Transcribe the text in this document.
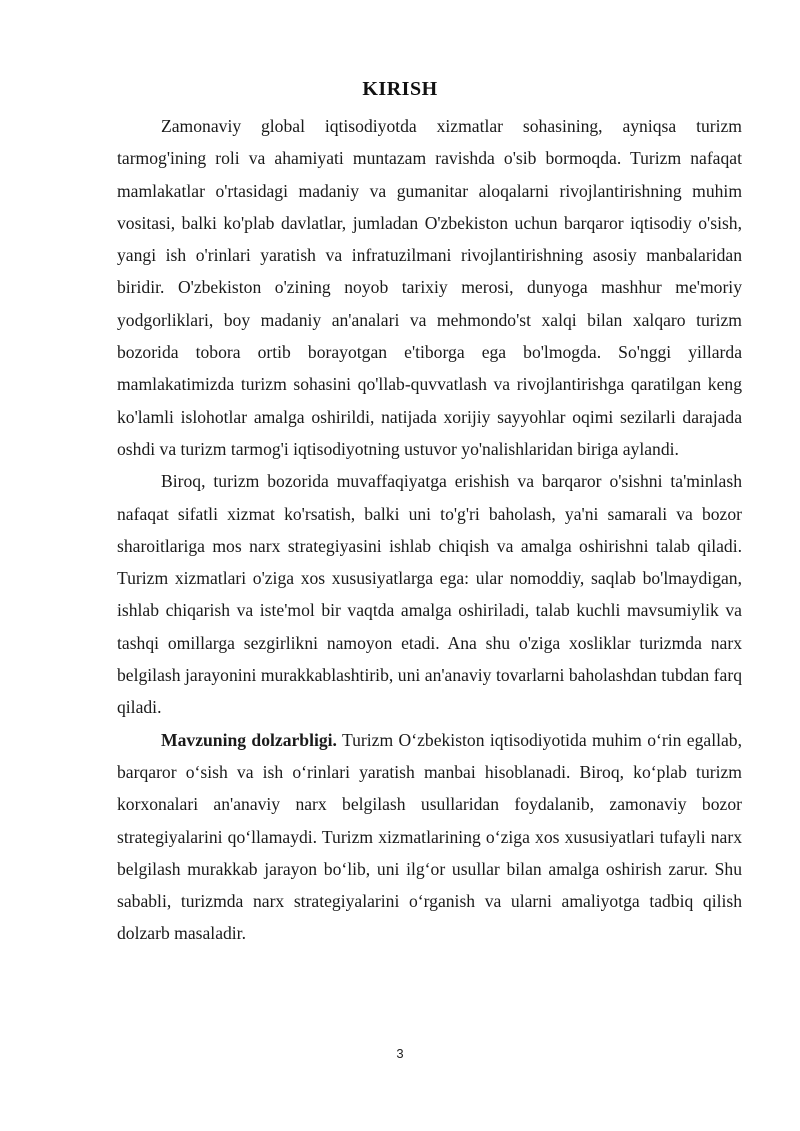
KIRISH

Zamonaviy global iqtisodiyotda xizmatlar sohasining, ayniqsa turizm tarmog'ining roli va ahamiyati muntazam ravishda o'sib bormoqda. Turizm nafaqat mamlakatlar o'rtasidagi madaniy va gumanitar aloqalarni rivojlantirishning muhim vositasi, balki ko'plab davlatlar, jumladan O'zbekiston uchun barqaror iqtisodiy o'sish, yangi ish o'rinlari yaratish va infratuzilmani rivojlantirishning asosiy manbalaridan biridir. O'zbekiston o'zining noyob tarixiy merosi, dunyoga mashhur me'moriy yodgorliklari, boy madaniy an'analari va mehmondo'st xalqi bilan xalqaro turizm bozorida tobora ortib borayotgan e'tiborga ega bo'lmogda. So'nggi yillarda mamlakatimizda turizm sohasini qo'llab-quvvatlash va rivojlantirishga qaratilgan keng ko'lamli islohotlar amalga oshirildi, natijada xorijiy sayyohlar oqimi sezilarli darajada oshdi va turizm tarmog'i iqtisodiyotning ustuvor yo'nalishlaridan biriga aylandi.

Biroq, turizm bozorida muvaffaqiyatga erishish va barqaror o'sishni ta'minlash nafaqat sifatli xizmat ko'rsatish, balki uni to'g'ri baholash, ya'ni samarali va bozor sharoitlariga mos narx strategiyasini ishlab chiqish va amalga oshirishni talab qiladi. Turizm xizmatlari o'ziga xos xususiyatlarga ega: ular nomoddiy, saqlab bo'lmaydigan, ishlab chiqarish va iste'mol bir vaqtda amalga oshiriladi, talab kuchli mavsumiylik va tashqi omillarga sezgirlikni namoyon etadi. Ana shu o'ziga xosliklar turizmda narx belgilash jarayonini murakkablashtirib, uni an'anaviy tovarlarni baholashdan tubdan farq qiladi.

Mavzuning dolzarbligi. Turizm O‘zbekiston iqtisodiyotida muhim o‘rin egallab, barqaror o‘sish va ish o‘rinlari yaratish manbai hisoblanadi. Biroq, ko‘plab turizm korxonalari an'anaviy narx belgilash usullaridan foydalanib, zamonaviy bozor strategiyalarini qo‘llamaydi. Turizm xizmatlarining o‘ziga xos xususiyatlari tufayli narx belgilash murakkab jarayon bo‘lib, uni ilg‘or usullar bilan amalga oshirish zarur. Shu sababli, turizmda narx strategiyalarini o‘rganish va ularni amaliyotga tadbiq qilish dolzarb masaladir.

3
